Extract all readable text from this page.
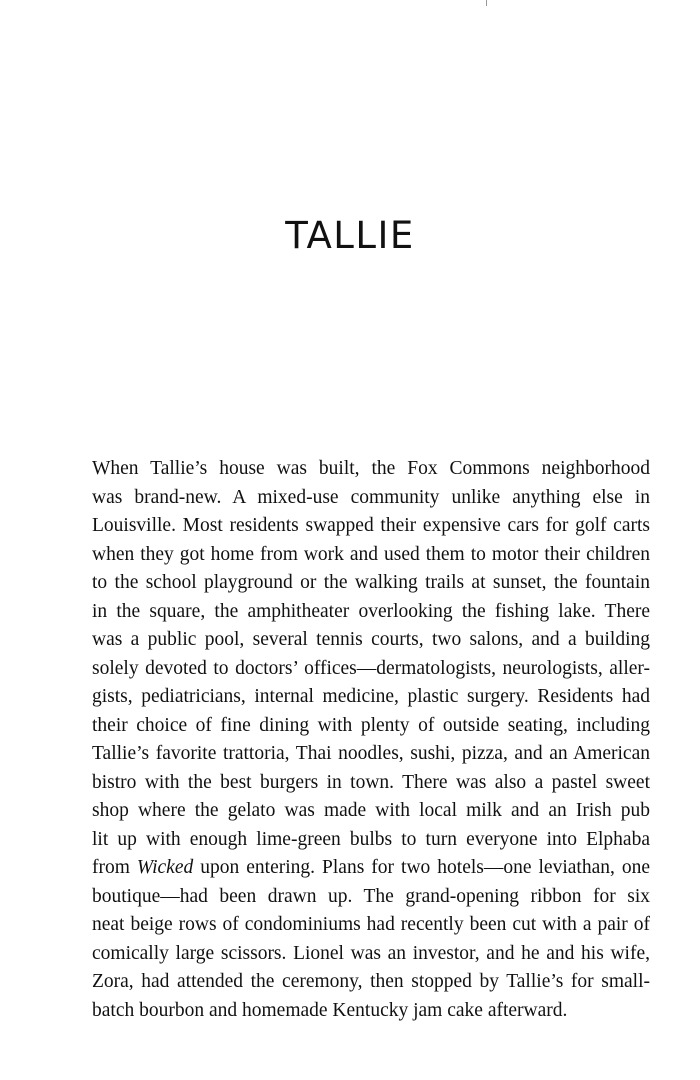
TALLIE
When Tallie’s house was built, the Fox Commons neighborhood
was brand-new. A mixed-use community unlike anything else in
Louisville. Most residents swapped their expensive cars for golf carts
when they got home from work and used them to motor their children
to the school playground or the walking trails at sunset, the fountain
in the square, the amphitheater overlooking the fishing lake. There
was a public pool, several tennis courts, two salons, and a building
solely devoted to doctors’ offices—dermatologists, neurologists, aller-
gists, pediatricians, internal medicine, plastic surgery. Residents had
their choice of fine dining with plenty of outside seating, including
Tallie’s favorite trattoria, Thai noodles, sushi, pizza, and an American
bistro with the best burgers in town. There was also a pastel sweet
shop where the gelato was made with local milk and an Irish pub
lit up with enough lime-green bulbs to turn everyone into Elphaba
from Wicked upon entering. Plans for two hotels—one leviathan, one
boutique—had been drawn up. The grand-opening ribbon for six
neat beige rows of condominiums had recently been cut with a pair of
comically large scissors. Lionel was an investor, and he and his wife,
Zora, had attended the ceremony, then stopped by Tallie’s for small-
batch bourbon and homemade Kentucky jam cake afterward.
